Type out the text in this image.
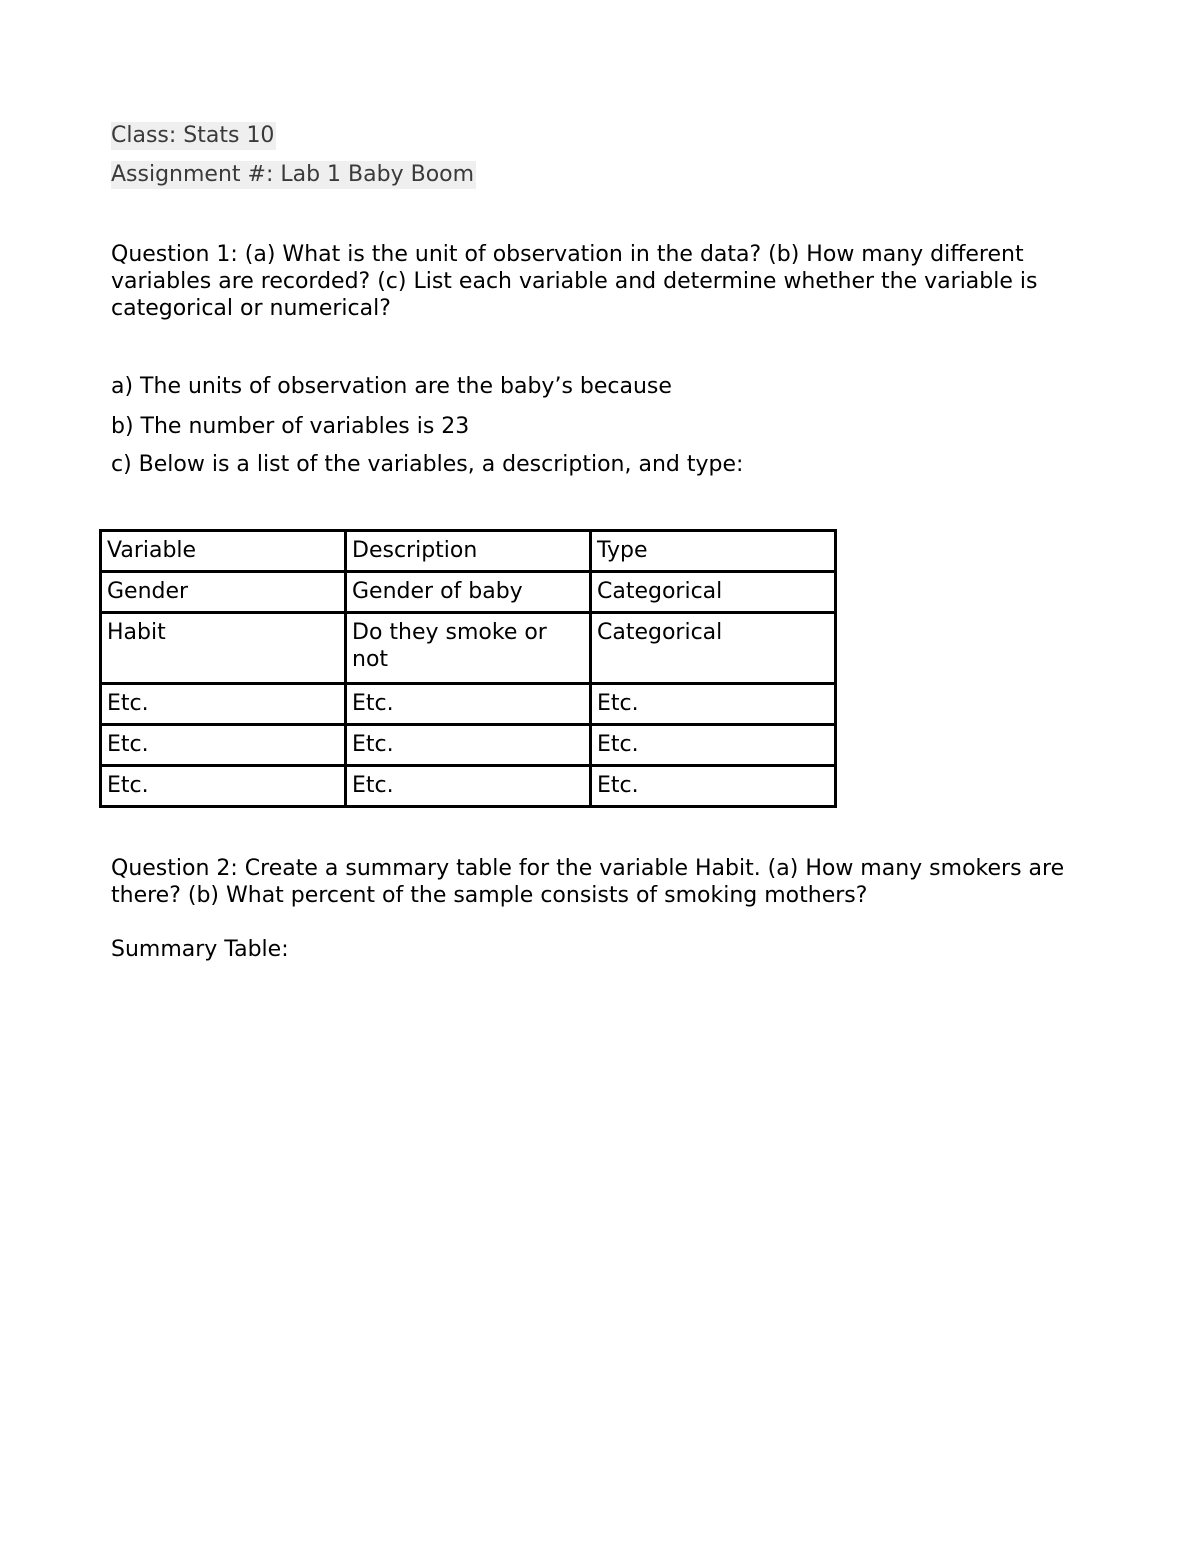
Class: Stats 10
Assignment #: Lab 1 Baby Boom
Question 1: (a) What is the unit of observation in the data? (b) How many different variables are recorded? (c) List each variable and determine whether the variable is categorical or numerical?
a) The units of observation are the baby’s because
b) The number of variables is 23
c) Below is a list of the variables, a description, and type:
Variable	Description	Type
Gender	Gender of baby	Categorical
Habit	Do they smoke or not	Categorical
Etc.	Etc.	Etc.
Etc.	Etc.	Etc.
Etc.	Etc.	Etc.
Question 2: Create a summary table for the variable Habit. (a) How many smokers are there? (b) What percent of the sample consists of smoking mothers?
Summary Table:
